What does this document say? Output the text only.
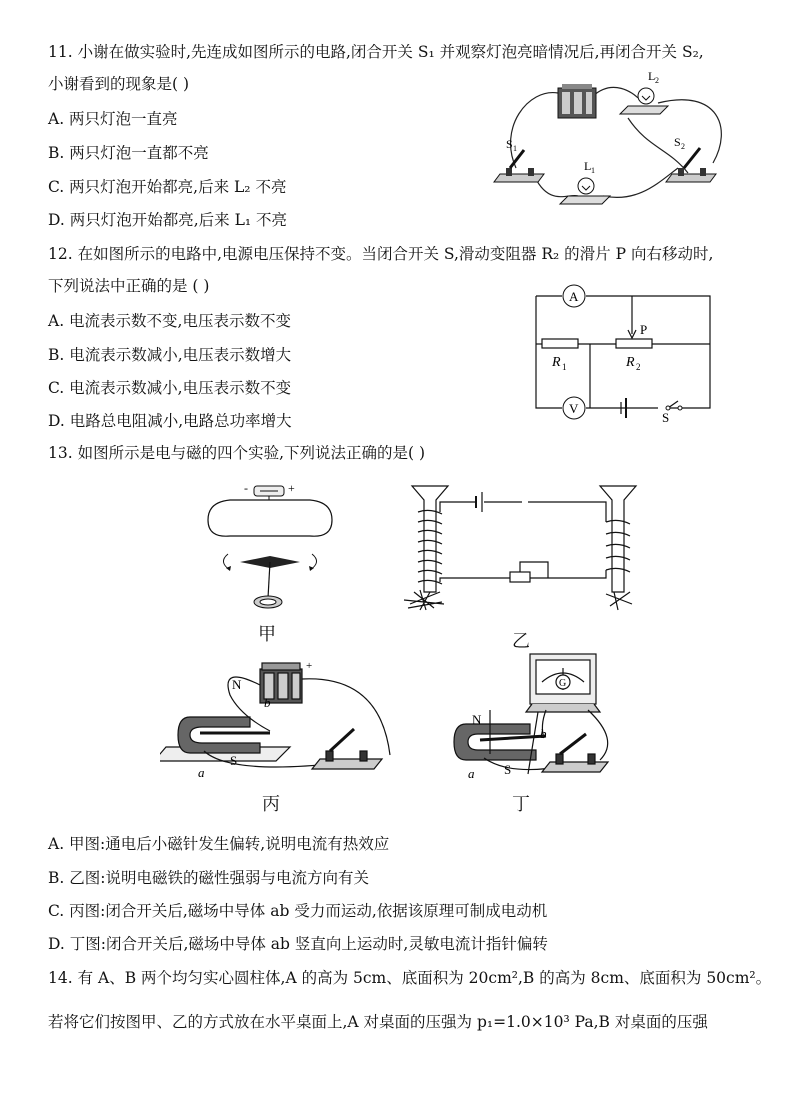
11. 小谢在做实验时,先连成如图所示的电路,闭合开关 S₁ 并观察灯泡亮暗情况后,再闭合开关 S₂,
小谢看到的现象是( )
A. 两只灯泡一直亮
B. 两只灯泡一直都不亮
C. 两只灯泡开始都亮,后来 L₂ 不亮
D. 两只灯泡开始都亮,后来 L₁ 不亮
L 2
L 1
S 1	S 2
12. 在如图所示的电路中,电源电压保持不变。当闭合开关 S,滑动变阻器 R₂ 的滑片 P 向右移动时,
下列说法中正确的是 ( )
A. 电流表示数不变,电压表示数不变
B. 电流表示数减小,电压表示数增大
C. 电流表示数减小,电压表示数不变
D. 电路总电阻减小,电路总功率增大
A
V
P
R 1	R 2
S
13. 如图所示是电与磁的四个实验,下列说法正确的是( )
-	+
甲	乙
+
N
b
S
a
丙
G
N
b
S
a
丁
A. 甲图:通电后小磁针发生偏转,说明电流有热效应
B. 乙图:说明电磁铁的磁性强弱与电流方向有关
C. 丙图:闭合开关后,磁场中导体 ab 受力而运动,依据该原理可制成电动机
D. 丁图:闭合开关后,磁场中导体 ab 竖直向上运动时,灵敏电流计指针偏转
14. 有 A、B 两个均匀实心圆柱体,A 的高为 5cm、底面积为 20cm²,B 的高为 8cm、底面积为 50cm²。
若将它们按图甲、乙的方式放在水平桌面上,A 对桌面的压强为 p₁=1.0×10³ Pa,B 对桌面的压强
